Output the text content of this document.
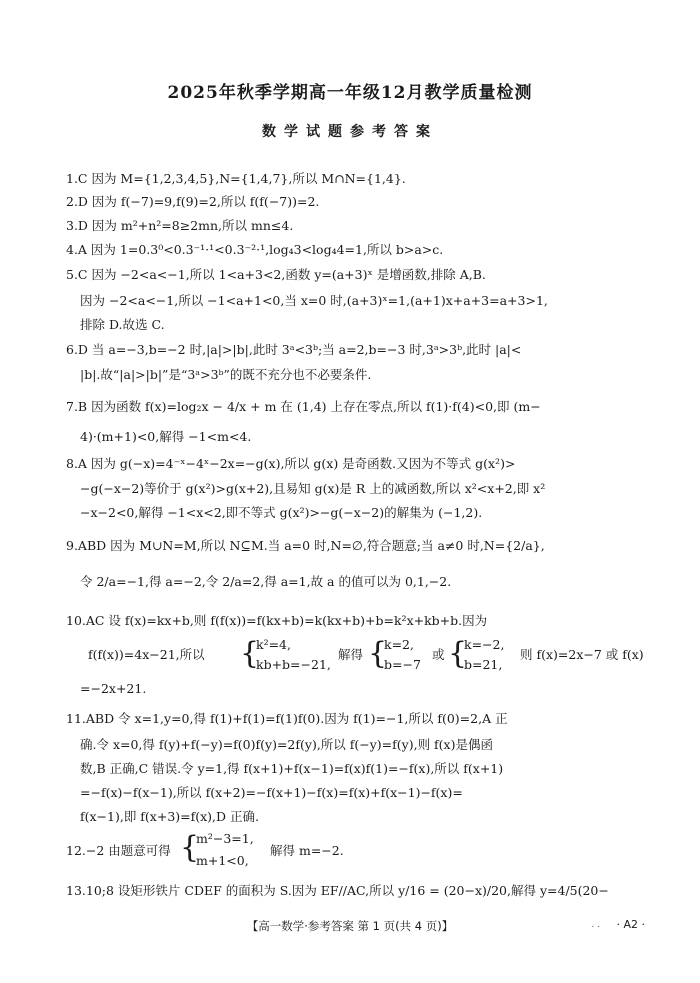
2025年秋季学期高一年级12月教学质量检测
数学试题参考答案
1.C 因为 M={1,2,3,4,5},N={1,4,7},所以 M∩N={1,4}.
2.D 因为 f(−7)=9,f(9)=2,所以 f(f(−7))=2.
3.D 因为 m²+n²=8≥2mn,所以 mn≤4.
4.A 因为 1=0.3⁰<0.3⁻¹·¹<0.3⁻²·¹,log₄3<log₄4=1,所以 b>a>c.
5.C 因为 −2<a<−1,所以 1<a+3<2,函数 y=(a+3)ˣ 是增函数,排除 A,B.
因为 −2<a<−1,所以 −1<a+1<0,当 x=0 时,(a+3)ˣ=1,(a+1)x+a+3=a+3>1,
排除 D.故选 C.
6.D 当 a=−3,b=−2 时,|a|>|b|,此时 3ᵃ<3ᵇ;当 a=2,b=−3 时,3ᵃ>3ᵇ,此时 |a|<
|b|.故“|a|>|b|”是“3ᵃ>3ᵇ”的既不充分也不必要条件.
7.B 因为函数 f(x)=log₂x − 4/x + m 在 (1,4) 上存在零点,所以 f(1)·f(4)<0,即 (m−
4)·(m+1)<0,解得 −1<m<4.
8.A 因为 g(−x)=4⁻ˣ−4ˣ−2x=−g(x),所以 g(x) 是奇函数.又因为不等式 g(x²)>
−g(−x−2)等价于 g(x²)>g(x+2),且易知 g(x)是 R 上的减函数,所以 x²<x+2,即 x²
−x−2<0,解得 −1<x<2,即不等式 g(x²)>−g(−x−2)的解集为 (−1,2).
9.ABD 因为 M∪N=M,所以 N⊆M.当 a=0 时,N=∅,符合题意;当 a≠0 时,N={2/a},
令 2/a=−1,得 a=−2,令 2/a=2,得 a=1,故 a 的值可以为 0,1,−2.
10.AC 设 f(x)=kx+b,则 f(f(x))=f(kx+b)=k(kx+b)+b=k²x+kb+b.因为
f(f(x))=4x−21,所以 {
k²=4,
kb+b=−21,
解得 {
k=2,
b=−7
或 {
k=−2,
b=21,
则 f(x)=2x−7 或 f(x)
=−2x+21.
11.ABD 令 x=1,y=0,得 f(1)+f(1)=f(1)f(0).因为 f(1)=−1,所以 f(0)=2,A 正
确.令 x=0,得 f(y)+f(−y)=f(0)f(y)=2f(y),所以 f(−y)=f(y),则 f(x)是偶函
数,B 正确,C 错误.令 y=1,得 f(x+1)+f(x−1)=f(x)f(1)=−f(x),所以 f(x+1)
=−f(x)−f(x−1),所以 f(x+2)=−f(x+1)−f(x)=f(x)+f(x−1)−f(x)=
f(x−1),即 f(x+3)=f(x),D 正确.
12.−2 由题意可得 {
m²−3=1,
m+1<0,
解得 m=−2.
13.10;8 设矩形铁片 CDEF 的面积为 S.因为 EF//AC,所以 y/16 = (20−x)/20,解得 y=4/5(20−
. .
【高一数学·参考答案 第 1 页(共 4 页)】	· A2 ·
